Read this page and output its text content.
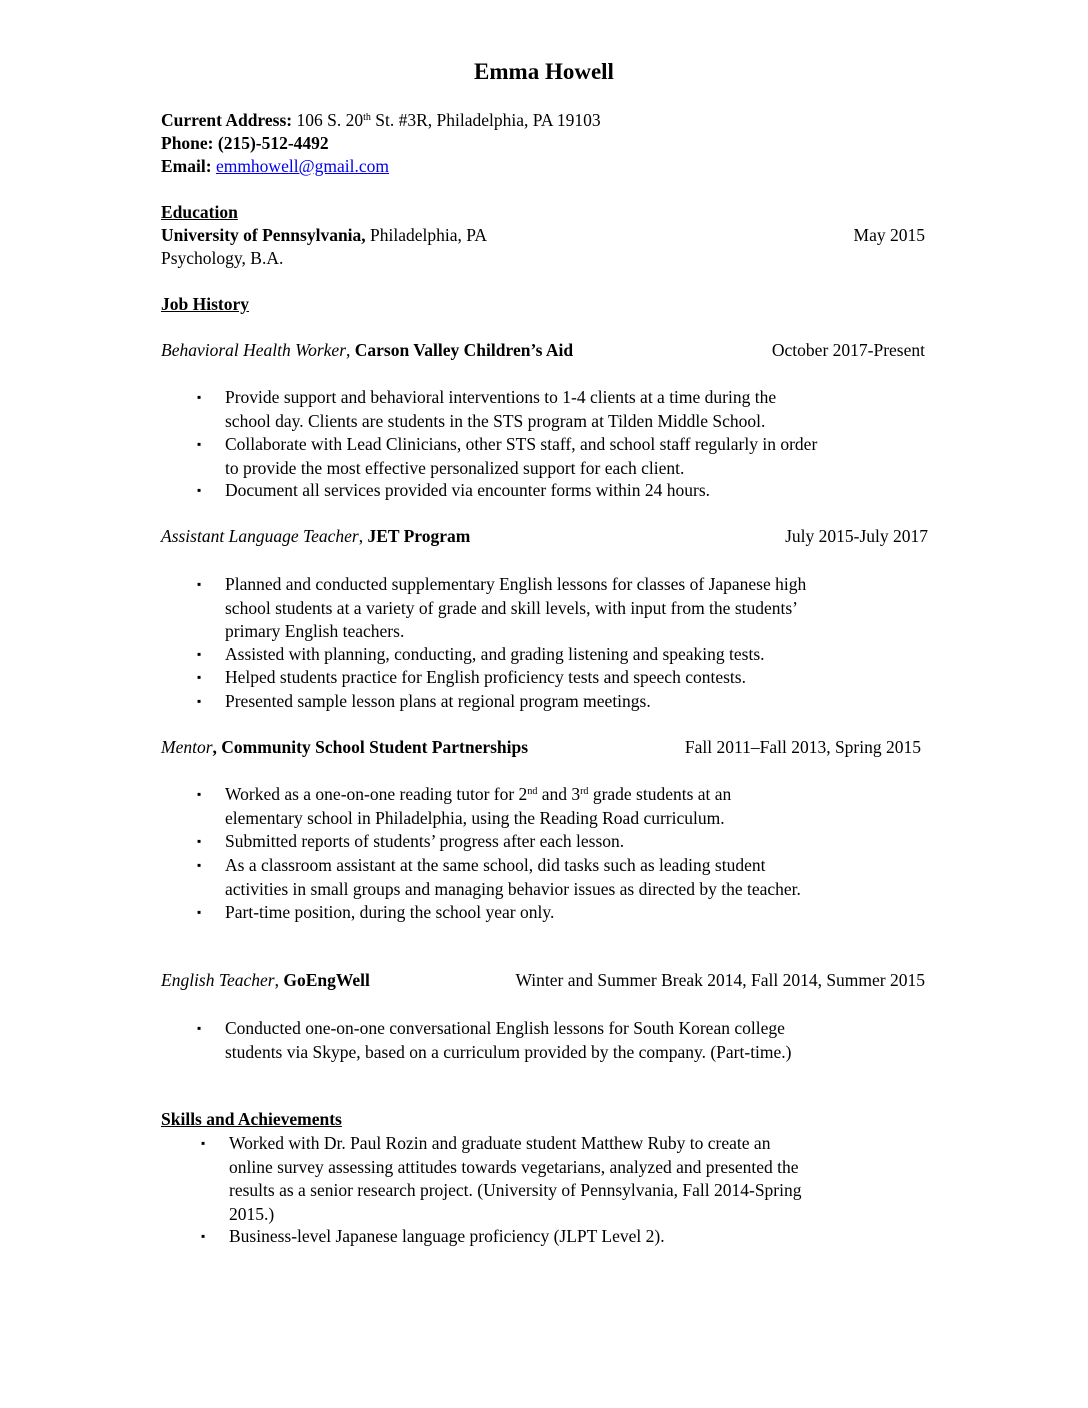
Emma Howell
Current Address: 106 S. 20th St. #3R, Philadelphia, PA 19103
Phone: (215)-512-4492
Email: emmhowell@gmail.com
Education
University of Pennsylvania, Philadelphia, PA	May 2015
Psychology, B.A.
Job History
Behavioral Health Worker, Carson Valley Children’s Aid	October 2017-Present
▪ Provide support and behavioral interventions to 1-4 clients at a time during the
school day. Clients are students in the STS program at Tilden Middle School.
▪ Collaborate with Lead Clinicians, other STS staff, and school staff regularly in order
to provide the most effective personalized support for each client.
▪ Document all services provided via encounter forms within 24 hours.
Assistant Language Teacher, JET Program	July 2015-July 2017
▪ Planned and conducted supplementary English lessons for classes of Japanese high
school students at a variety of grade and skill levels, with input from the students’
primary English teachers.
▪ Assisted with planning, conducting, and grading listening and speaking tests.
▪ Helped students practice for English proficiency tests and speech contests.
▪ Presented sample lesson plans at regional program meetings.
Mentor, Community School Student Partnerships	Fall 2011–Fall 2013, Spring 2015
▪ Worked as a one-on-one reading tutor for 2nd and 3rd grade students at an
elementary school in Philadelphia, using the Reading Road curriculum.
▪ Submitted reports of students’ progress after each lesson.
▪ As a classroom assistant at the same school, did tasks such as leading student
activities in small groups and managing behavior issues as directed by the teacher.
▪ Part-time position, during the school year only.
English Teacher, GoEngWell	Winter and Summer Break 2014, Fall 2014, Summer 2015
▪ Conducted one-on-one conversational English lessons for South Korean college
students via Skype, based on a curriculum provided by the company. (Part-time.)
Skills and Achievements
▪ Worked with Dr. Paul Rozin and graduate student Matthew Ruby to create an
online survey assessing attitudes towards vegetarians, analyzed and presented the
results as a senior research project. (University of Pennsylvania, Fall 2014-Spring
2015.)
▪ Business-level Japanese language proficiency (JLPT Level 2).
